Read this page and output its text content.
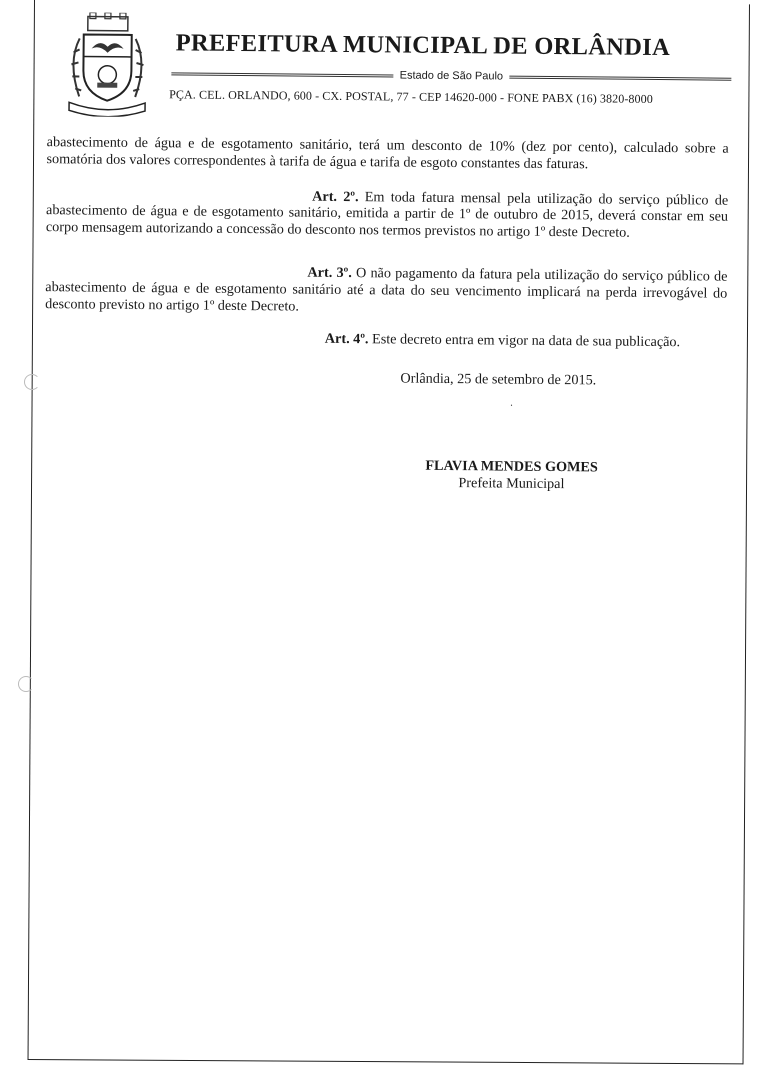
PREFEITURA MUNICIPAL DE ORLÂNDIA
Estado de São Paulo
PÇA. CEL. ORLANDO, 600 - CX. POSTAL, 77 - CEP 14620-000 - FONE PABX (16) 3820-8000

abastecimento de água e de esgotamento sanitário, terá um desconto de 10% (dez por cento), calculado sobre a somatória dos valores correspondentes à tarifa de água e tarifa de esgoto constantes das faturas.

Art. 2º. Em toda fatura mensal pela utilização do serviço público de abastecimento de água e de esgotamento sanitário, emitida a partir de 1º de outubro de 2015, deverá constar em seu corpo mensagem autorizando a concessão do desconto nos termos previstos no artigo 1º deste Decreto.

Art. 3º. O não pagamento da fatura pela utilização do serviço público de abastecimento de água e de esgotamento sanitário até a data do seu vencimento implicará na perda irrevogável do desconto previsto no artigo 1º deste Decreto.

Art. 4º. Este decreto entra em vigor na data de sua publicação.

Orlândia, 25 de setembro de 2015.
.
FLAVIA MENDES GOMES
Prefeita Municipal
